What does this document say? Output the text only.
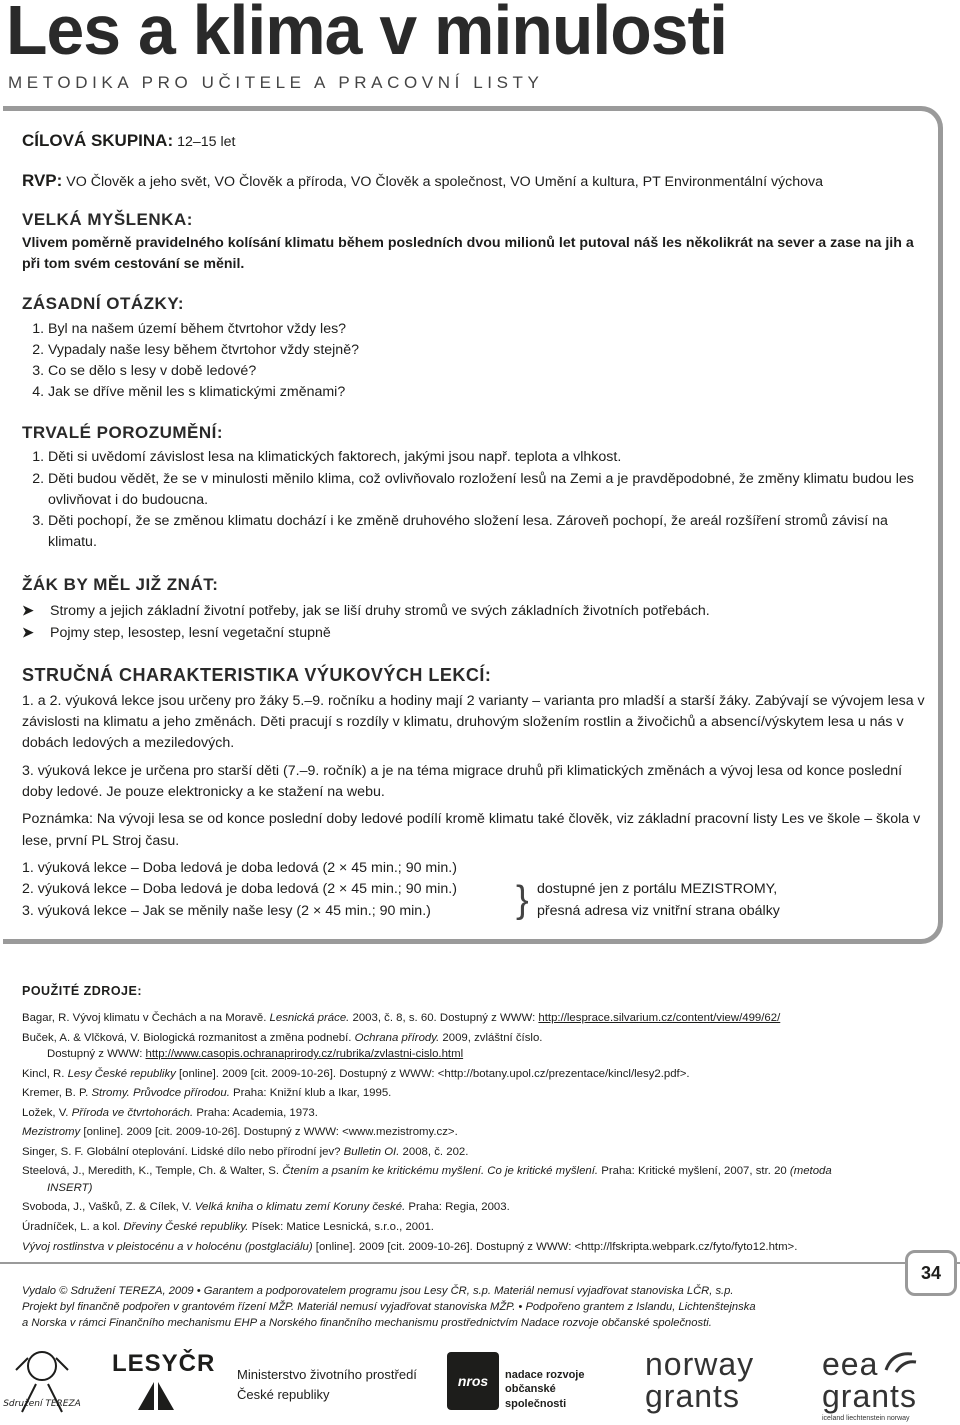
Les a klima v minulosti
METODIKA PRO UČITELE A PRACOVNÍ LISTY

CÍLOVÁ SKUPINA: 12–15 let

RVP: VO Člověk a jeho svět, VO Člověk a příroda, VO Člověk a společnost, VO Umění a kultura, PT Environmentální výchova

VELKÁ MYŠLENKA:
Vlivem poměrně pravidelného kolísání klimatu během posledních dvou milionů let putoval náš les několikrát na sever a zase na jih a při tom svém cestování se měnil.
ZÁSADNÍ OTÁZKY:
1. Byl na našem území během čtvrtohor vždy les?
2. Vypadaly naše lesy během čtvrtohor vždy stejně?
3. Co se dělo s lesy v době ledové?
4. Jak se dříve měnil les s klimatickými změnami?
TRVALÉ POROZUMĚNÍ:
1. Děti si uvědomí závislost lesa na klimatických faktorech, jakými jsou např. teplota a vlhkost.
2. Děti budou vědět, že se v minulosti měnilo klima, což ovlivňovalo rozložení lesů na Zemi a je pravděpodobné, že změny klimatu budou les ovlivňovat i do budoucna.
3. Děti pochopí, že se změnou klimatu dochází i ke změně druhového složení lesa. Zároveň pochopí, že areál rozšíření stromů závisí na klimatu.
ŽÁK BY MĚL JIŽ ZNÁT:
➤ Stromy a jejich základní životní potřeby, jak se liší druhy stromů ve svých základních životních potřebách.
➤ Pojmy step, lesostep, lesní vegetační stupně
STRUČNÁ CHARAKTERISTIKA VÝUKOVÝCH LEKCÍ:

1. a 2. výuková lekce jsou určeny pro žáky 5.–9. ročníku a hodiny mají 2 varianty – varianta pro mladší a starší žáky. Zabývají se vývojem lesa v závislosti na klimatu a jeho změnách. Děti pracují s rozdíly v klimatu, druhovým složením rostlin a živočichů a absencí/výskytem lesa u nás v dobách ledových a meziledových.

3. výuková lekce je určena pro starší děti (7.–9. ročník) a je na téma migrace druhů při klimatických změnách a vývoj lesa od konce poslední doby ledové. Je pouze elektronicky a ke stažení na webu.

Poznámka: Na vývoji lesa se od konce poslední doby ledové podílí kromě klimatu také člověk, viz základní pracovní listy Les ve škole – škola v lese, první PL Stroj času.

1. výuková lekce – Doba ledová je doba ledová (2 × 45 min.; 90 min.)
2. výuková lekce – Doba ledová je doba ledová (2 × 45 min.; 90 min.)
3. výuková lekce – Jak se měnily naše lesy (2 × 45 min.; 90 min.)	} dostupné jen z portálu MEZISTROMY,
přesná adresa viz vnitřní strana obálky
POUŽITÉ ZDROJE:
Bagar, R. Vývoj klimatu v Čechách a na Moravě. Lesnická práce. 2003, č. 8, s. 60. Dostupný z WWW: http://lesprace.silvarium.cz/content/view/499/62/
Buček, A. & Vlčková, V. Biologická rozmanitost a změna podnebí. Ochrana přírody. 2009, zvláštní číslo.
Dostupný z WWW: http://www.casopis.ochranaprirody.cz/rubrika/zvlastni-cislo.html
Kincl, R. Lesy České republiky [online]. 2009 [cit. 2009-10-26]. Dostupný z WWW: <http://botany.upol.cz/prezentace/kincl/lesy2.pdf>.
Kremer, B. P. Stromy. Průvodce přírodou. Praha: Knižní klub a Ikar, 1995.
Ložek, V. Příroda ve čtvrtohorách. Praha: Academia, 1973.
Mezistromy [online]. 2009 [cit. 2009-10-26]. Dostupný z WWW: <www.mezistromy.cz>.
Singer, S. F. Globální oteplování. Lidské dílo nebo přírodní jev? Bulletin OI. 2008, č. 202.
Steelová, J., Meredith, K., Temple, Ch. & Walter, S. Čtením a psaním ke kritickému myšlení. Co je kritické myšlení. Praha: Kritické myšlení, 2007, str. 20 (metoda
INSERT)
Svoboda, J., Vašků, Z. & Cílek, V. Velká kniha o klimatu zemí Koruny české. Praha: Regia, 2003.
Úradníček, L. a kol. Dřeviny České republiky. Písek: Matice Lesnická, s.r.o., 2001.
Vývoj rostlinstva v pleistocénu a v holocénu (postglaciálu) [online]. 2009 [cit. 2009-10-26]. Dostupný z WWW: <http://lfskripta.webpark.cz/fyto/fyto12.htm>.
34
Vydalo © Sdružení TEREZA, 2009 • Garantem a podporovatelem programu jsou Lesy ČR, s.p. Materiál nemusí vyjadřovat stanoviska LČR, s.p.
Projekt byl finančně podpořen v grantovém řízení MŽP. Materiál nemusí vyjadřovat stanoviska MŽP. • Podpořeno grantem z Islandu, Lichtenštejnska
a Norska v rámci Finančního mechanismu EHP a Norského finančního mechanismu prostřednictvím Nadace rozvoje občanské společnosti.
Sdružení TEREZA
LESYČR Ministerstvo životního prostředí
České republiky
nros	nadace rozvoje
občanské společnosti
norway
grants
eea
grants
iceland liechtenstein norway
